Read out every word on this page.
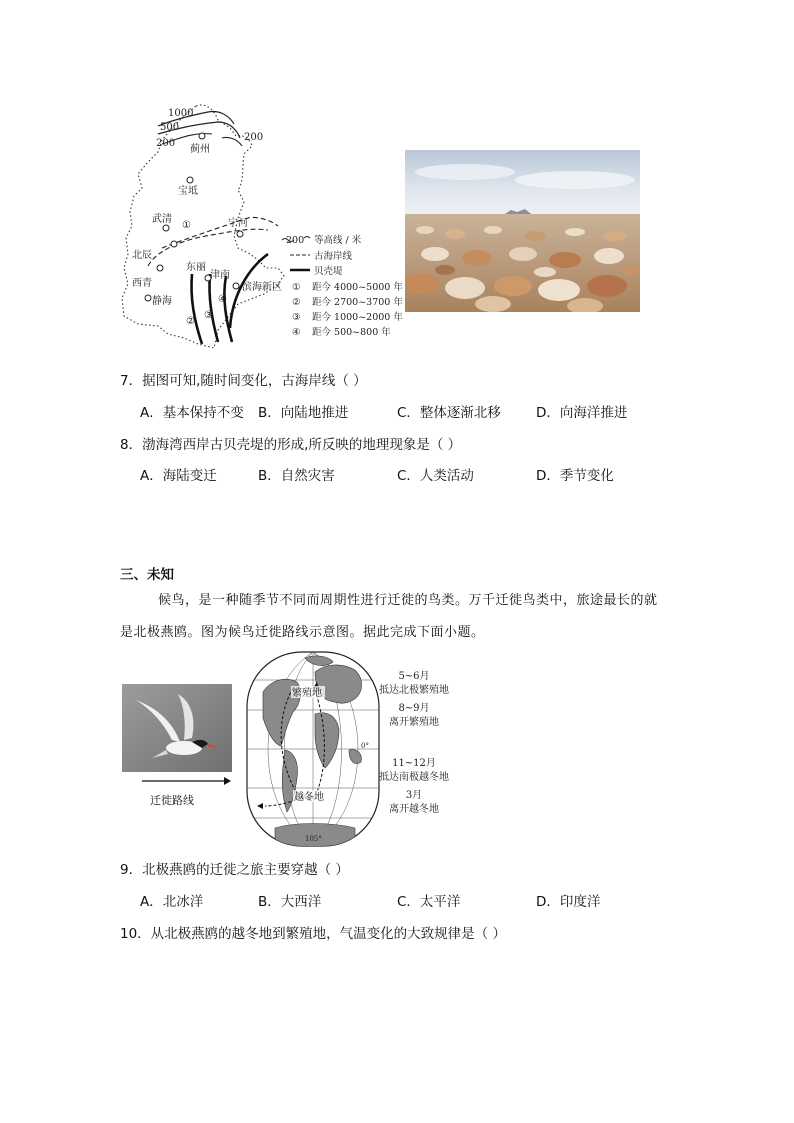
1000
500
200
200
蓟州
宝坻
武清	宁河
北辰
东丽
西青
津南
静海
滨海新区
①
②
③
④
200 等高线 / 米
古海岸线
贝壳堤
① 距今 4000~5000 年
② 距今 2700~3700 年
③ 距今 1000~2000 年
④ 距今 500~800 年
7．据图可知,随时间变化，古海岸线（ ）
A．基本保持不变 B．向陆地推进	C．整体逐渐北移	D．向海洋推进
8．渤海湾西岸古贝壳堤的形成,所反映的地理现象是（ ）
A．海陆变迁	B．自然灾害	C．人类活动	D．季节变化
三、未知
候鸟，是一种随季节不同而周期性进行迁徙的鸟类。万千迁徙鸟类中，旅途最长的就
是北极燕鸥。图为候鸟迁徙路线示意图。据此完成下面小题。
迁徙路线
繁殖地
越冬地
0°
105°
5~6月
抵达北极繁殖地
8~9月
离开繁殖地
11~12月
抵达南极越冬地
3月
离开越冬地
9．北极燕鸥的迁徙之旅主要穿越（ ）
A．北冰洋	B．大西洋	C．太平洋	D．印度洋
10．从北极燕鸥的越冬地到繁殖地，气温变化的大致规律是（ ）
